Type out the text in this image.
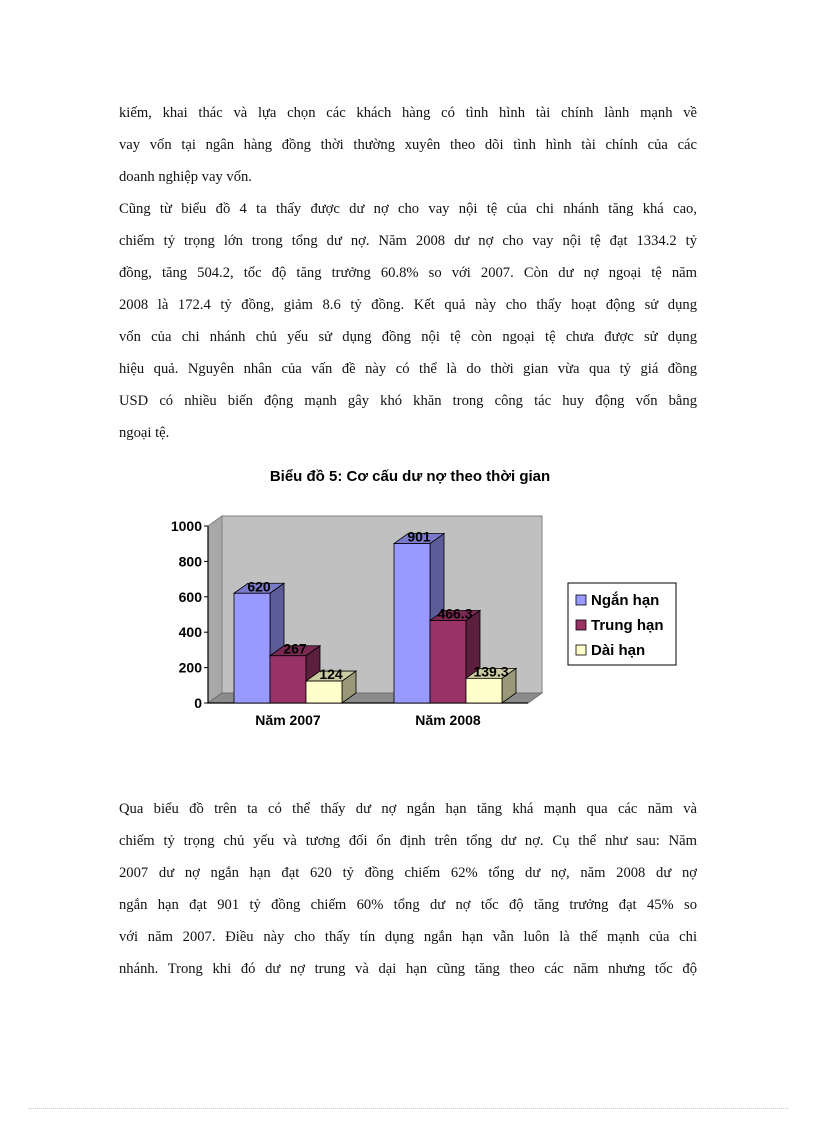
kiếm, khai thác và lựa chọn các khách hàng có tình hình tài chính lành mạnh về
vay vốn tại ngân hàng đồng thời thường xuyên theo dõi tình hình tài chính của các
doanh nghiệp vay vốn.
Cũng từ biểu đồ 4 ta thấy được dư nợ cho vay nội tệ của chi nhánh tăng khá cao,
chiếm tỷ trọng lớn trong tổng dư nợ. Năm 2008 dư nợ cho vay nội tệ đạt 1334.2 tỷ
đồng, tăng 504.2, tốc độ tăng trưởng 60.8% so với 2007. Còn dư nợ ngoại tệ năm
2008 là 172.4 tỷ đồng, giảm 8.6 tỷ đồng. Kết quả này cho thấy hoạt động sử dụng
vốn của chi nhánh chủ yếu sử dụng đồng nội tệ còn ngoại tệ chưa được sử dụng
hiệu quả. Nguyên nhân của vấn đề này có thể là do thời gian vừa qua tỷ giá đồng
USD có nhiều biến động mạnh gây khó khăn trong công tác huy động vốn bằng
ngoại tệ.
Biểu đồ 5: Cơ cấu dư nợ theo thời gian
0
200
400
600
800
1000
620
267
124
Năm 2007
901
466.3
139.3
Năm 2008
Ngắn hạn
Trung hạn
Dài hạn
Qua biểu đồ trên ta có thể thấy dư nợ ngắn hạn tăng khá mạnh qua các năm và
chiếm tỷ trọng chủ yếu và tương đối ổn định trên tổng dư nợ. Cụ thể như sau: Năm
2007 dư nợ ngắn hạn đạt 620 tỷ đồng chiếm 62% tổng dư nợ, năm 2008 dư nợ
ngắn hạn đạt 901 tỷ đồng chiếm 60% tổng dư nợ tốc độ tăng trưởng đạt 45% so
với năm 2007. Điều này cho thấy tín dụng ngắn hạn vẫn luôn là thế mạnh của chi
nhánh. Trong khi đó dư nợ trung và dại hạn cũng tăng theo các năm nhưng tốc độ
